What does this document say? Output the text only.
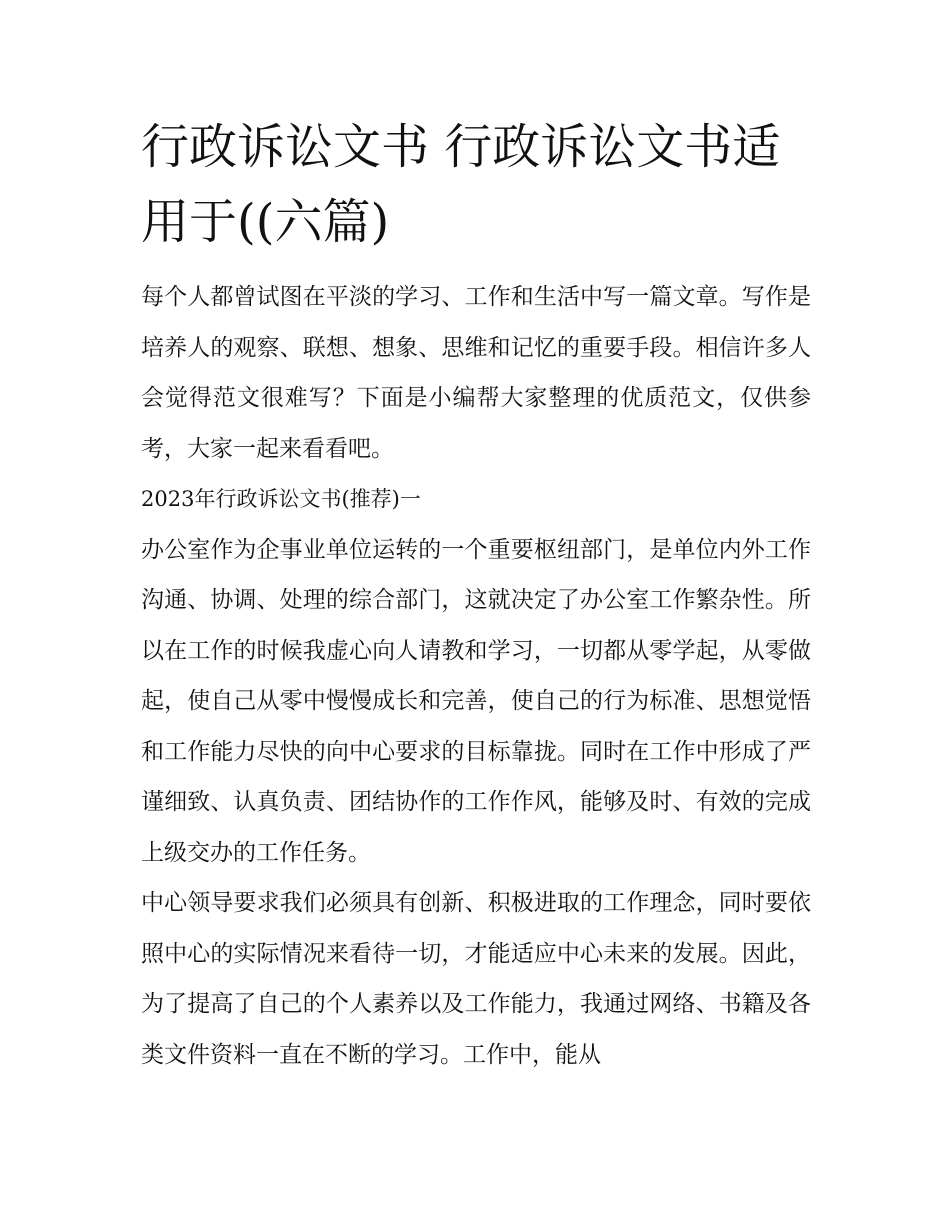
行政诉讼文书 行政诉讼文书适用于((六篇)

每个人都曾试图在平淡的学习、工作和生活中写一篇文章。写作是培养人的观察、联想、想象、思维和记忆的重要手段。相信许多人会觉得范文很难写？下面是小编帮大家整理的优质范文，仅供参考，大家一起来看看吧。

2023年行政诉讼文书(推荐)一

办公室作为企事业单位运转的一个重要枢纽部门，是单位内外工作沟通、协调、处理的综合部门，这就决定了办公室工作繁杂性。所以在工作的时候我虚心向人请教和学习，一切都从零学起，从零做起，使自己从零中慢慢成长和完善，使自己的行为标准、思想觉悟和工作能力尽快的向中心要求的目标靠拢。同时在工作中形成了严谨细致、认真负责、团结协作的工作作风，能够及时、有效的完成上级交办的工作任务。

中心领导要求我们必须具有创新、积极进取的工作理念，同时要依照中心的实际情况来看待一切，才能适应中心未来的发展。因此，为了提高了自己的个人素养以及工作能力，我通过网络、书籍及各类文件资料一直在不断的学习。工作中，能从
